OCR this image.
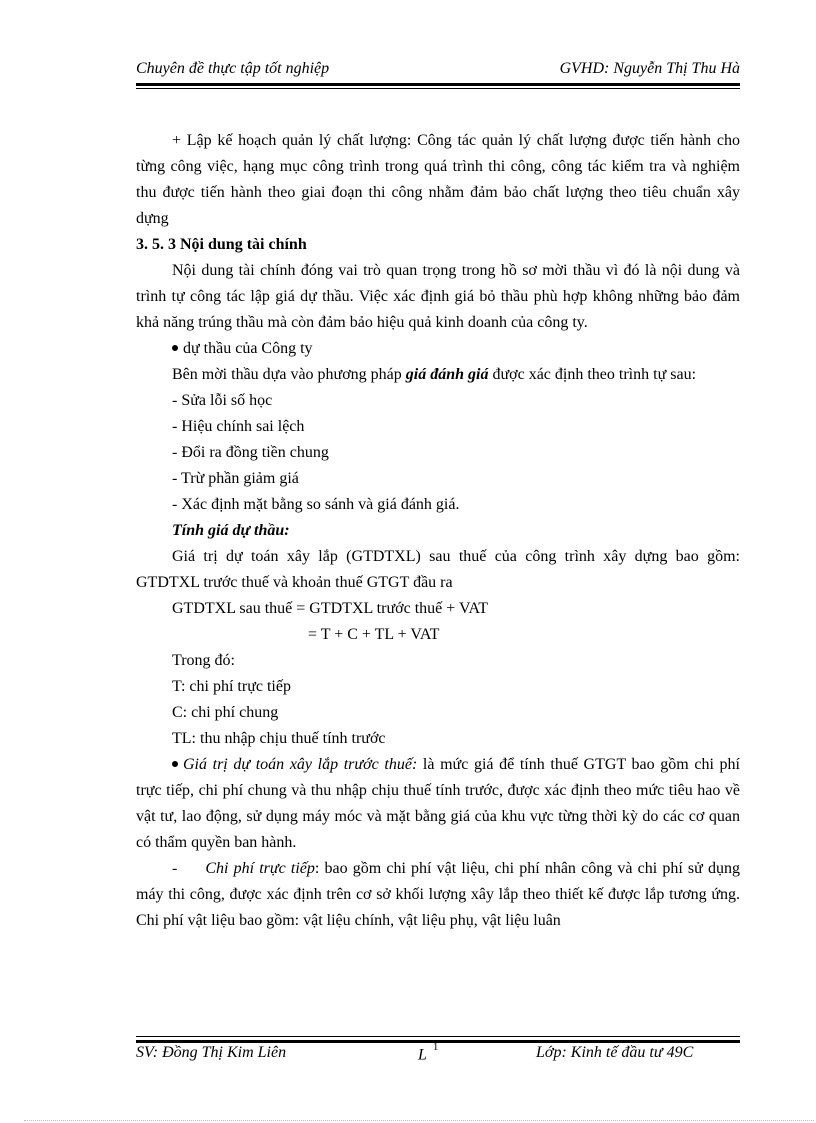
Chuyên đề thực tập tốt nghiệp	GVHD: Nguyễn Thị Thu Hà

+ Lập kế hoạch quản lý chất lượng: Công tác quản lý chất lượng được tiến hành cho từng công việc, hạng mục công trình trong quá trình thi công, công tác kiểm tra và nghiệm thu được tiến hành theo giai đoạn thi công nhằm đảm bảo chất lượng theo tiêu chuẩn xây dựng

3. 5. 3 Nội dung tài chính

Nội dung tài chính đóng vai trò quan trọng trong hồ sơ mời thầu vì đó là nội dung và trình tự công tác lập giá dự thầu. Việc xác định giá bỏ thầu phù hợp không những bảo đảm khả năng trúng thầu mà còn đảm bảo hiệu quả kinh doanh của công ty.

dự thầu của Công ty

Bên mời thầu dựa vào phương pháp giá đánh giá được xác định theo trình tự sau:

- Sửa lỗi số học

- Hiệu chính sai lệch

- Đổi ra đồng tiền chung

- Trừ phần giảm giá

- Xác định mặt bằng so sánh và giá đánh giá.

Tính giá dự thầu:

Giá trị dự toán xây lắp (GTDTXL) sau thuế của công trình xây dựng bao gồm: GTDTXL trước thuế và khoản thuế GTGT đầu ra

GTDTXL sau thuế = GTDTXL trước thuế + VAT

= T + C + TL + VAT

Trong đó:

T: chi phí trực tiếp

C: chi phí chung

TL: thu nhập chịu thuế tính trước

Giá trị dự toán xây lắp trước thuế: là mức giá để tính thuế GTGT bao gồm chi phí trực tiếp, chi phí chung và thu nhập chịu thuế tính trước, được xác định theo mức tiêu hao về vật tư, lao động, sử dụng máy móc và mặt bằng giá của khu vực từng thời kỳ do các cơ quan có thẩm quyền ban hành.

- Chi phí trực tiếp: bao gồm chi phí vật liệu, chi phí nhân công và chi phí sử dụng máy thi công, được xác định trên cơ sở khối lượng xây lắp theo thiết kế được lắp tương ứng. Chi phí vật liệu bao gồm: vật liệu chính, vật liệu phụ, vật liệu luân

SV: Đồng Thị Kim Liên	L $^1$	Lớp: Kinh tế đầu tư 49C
